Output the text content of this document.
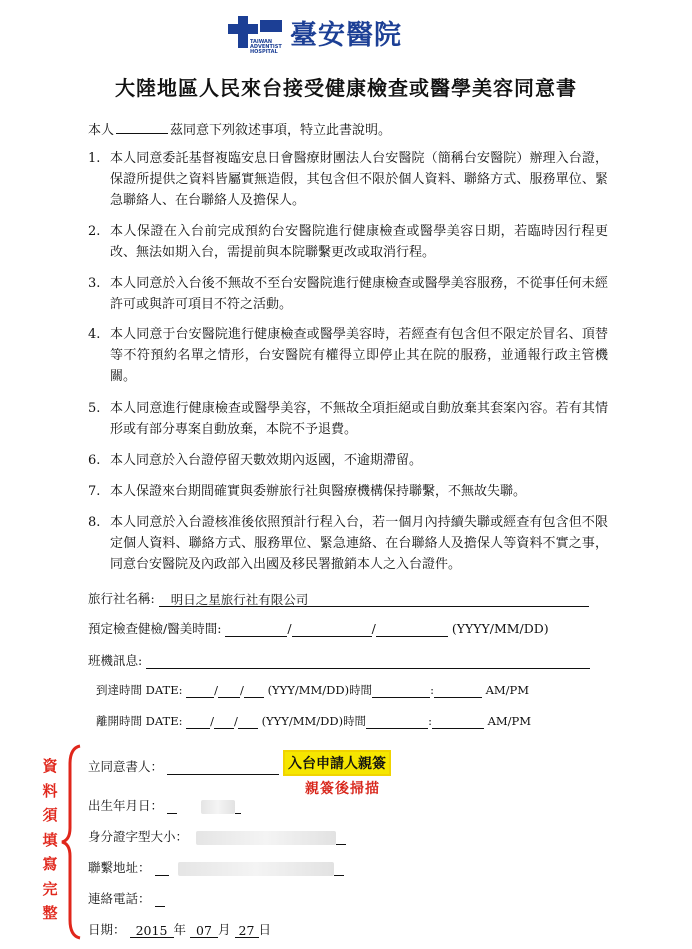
TAIWAN ADVENTIST HOSPITAL
臺安醫院
大陸地區人民來台接受健康檢查或醫學美容同意書
本人	茲同意下列敘述事項，特立此書說明。
1. 本人同意委託基督複臨安息日會醫療財團法人台安醫院（簡稱台安醫院）辦理入台證，保證所提供之資料皆屬實無造假，其包含但不限於個人資料、聯絡方式、服務單位、緊急聯絡人、在台聯絡人及擔保人。
2. 本人保證在入台前完成預約台安醫院進行健康檢查或醫學美容日期，若臨時因行程更改、無法如期入台，需提前與本院聯繫更改或取消行程。
3. 本人同意於入台後不無故不至台安醫院進行健康檢查或醫學美容服務，不從事任何未經許可或與許可項目不符之活動。
4. 本人同意于台安醫院進行健康檢查或醫學美容時，若經查有包含但不限定於冒名、頂替等不符預約名單之情形，台安醫院有權得立即停止其在院的服務，並通報行政主管機關。
5. 本人同意進行健康檢查或醫學美容，不無故全項拒絕或自動放棄其套案內容。若有其情形或有部分專案自動放棄，本院不予退費。
6. 本人同意於入台證停留天數效期內返國，不逾期滯留。
7. 本人保證來台期間確實與委辦旅行社與醫療機構保持聯繫，不無故失聯。
8. 本人同意於入台證核准後依照預計行程入台，若一個月內持續失聯或經查有包含但不限定個人資料、聯絡方式、服務單位、緊急連絡、在台聯絡人及擔保人等資料不實之事，同意台安醫院及內政部入出國及移民署撤銷本人之入台證件。
旅行社名稱: 明日之星旅行社有限公司
預定檢查健檢/醫美時間:	/	/	(YYYY/MM/DD)
班機訊息:
到達時間 DATE:	/ / (YYY/MM/DD)時間	:	AM/PM
離開時間 DATE: / / (YYY/MM/DD)時間	:	AM/PM
資
料
須
填
寫
完
整
立同意書人：	入台申請人親簽
親簽後掃描
出生年月日：
身分證字型大小：
聯繫地址：
連絡電話：
日期： 2015 年 07 月 27 日
